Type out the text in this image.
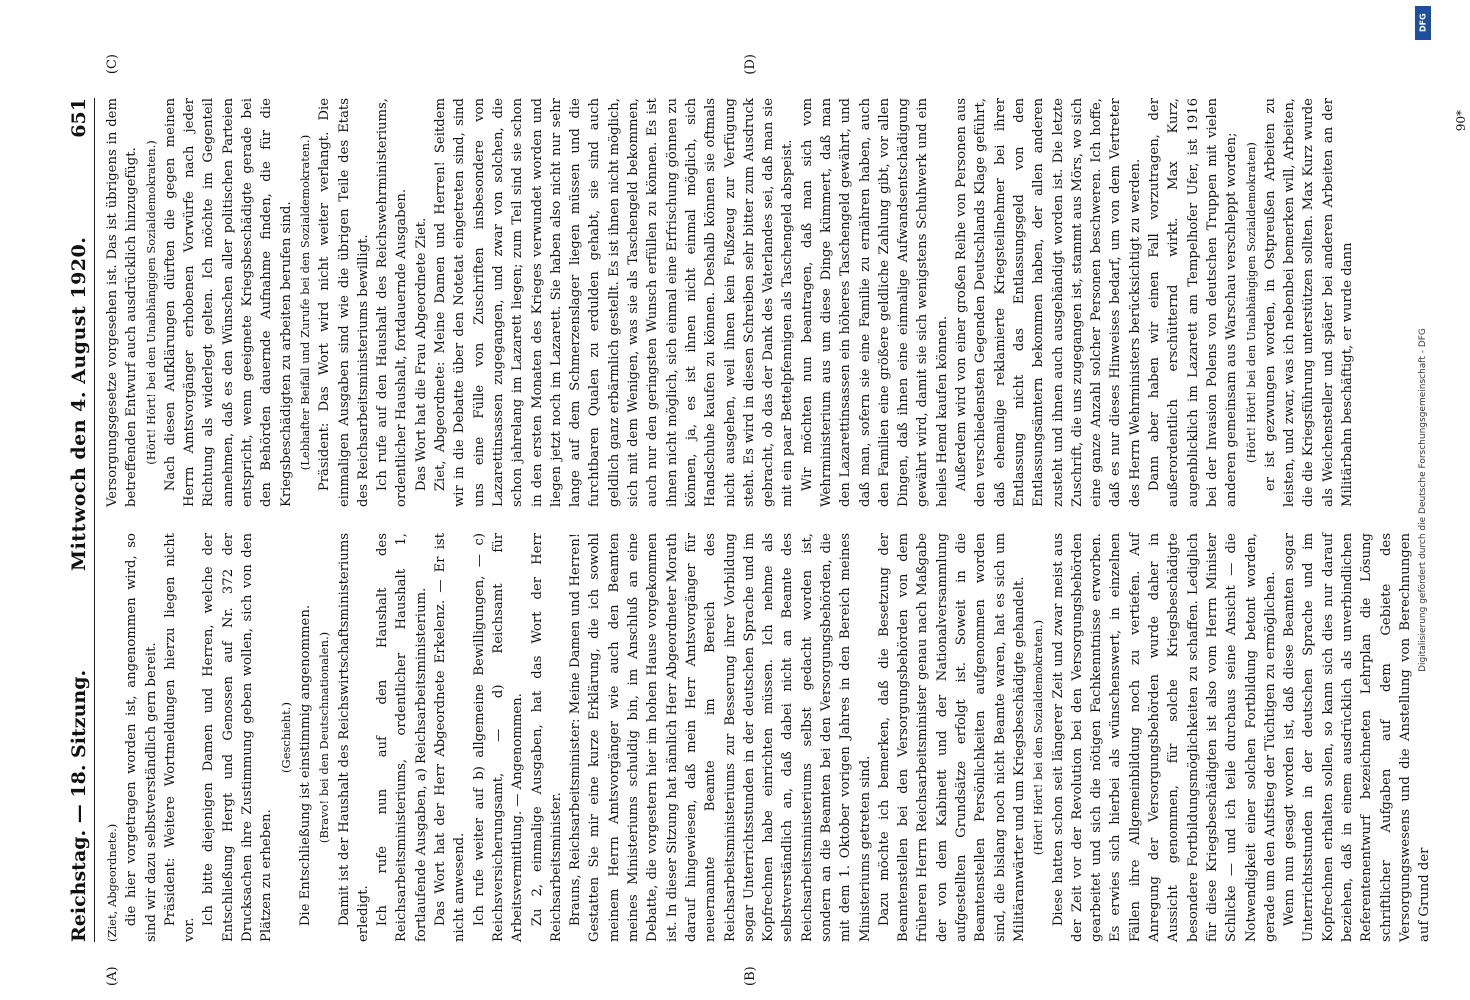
Reichstag. — 18. Sitzung.
Mittwoch den 4. August 1920.
651

(Ziet, Abgeordnete.) die hier vorgetragen worden ist, angenommen wird, so sind wir dazu selbstverständlich gern bereit. Präsident: Weitere Wortmeldungen hierzu liegen nicht vor.

Ich bitte diejenigen Damen und Herren, welche der Entschließung Hergt und Genossen auf Nr. 372 der Drucksachen ihre Zustimmung geben wollen, sich von den Plätzen zu erheben.

(Geschieht.) Die Entschließung ist einstimmig angenommen. (Bravo! bei den Deutschnationalen.) Damit ist der Haushalt des Reichswirtschaftsministeriums erledigt. Ich rufe nun auf den Haushalt des Reichsarbeitsministeriums, ordentlicher Haushalt 1, fortlaufende Ausgaben, a) Reichsarbeitsministerium. Das Wort hat der Herr Abgeordnete Erkelenz. — Er ist nicht anwesend. Ich rufe weiter auf b) allgemeine Bewilligungen, — c) Reichsversicherungsamt, — d) Reichsamt für Arbeitsvermittlung. — Angenommen. Zu 2, einmalige Ausgaben, hat das Wort der Herr Reichsarbeitsminister. Brauns, Reichsarbeitsminister: Meine Damen und Herren! Gestatten Sie mir eine kurze Erklärung, die ich sowohl meinem Herrn Amtsvorgänger wie auch den Beamten meines Ministeriums schuldig bin, im Anschluß an eine Debatte, die vorgestern hier im hohen Hause vorgekommen ist. In dieser Sitzung hat nämlich Herr Abgeordneter Morath darauf hingewiesen, daß mein Herr Amtsvorgänger für neuernannte Beamte im Bereich des Reichsarbeitsministeriums zur Besserung ihrer Vorbildung sogar Unterrichtsstunden in der deutschen Sprache und im Kopfrechnen habe einrichten müssen. Ich nehme als selbstverständlich an, daß dabei nicht an Beamte des Reichsarbeitsministeriums selbst gedacht worden ist, sondern an die Beamten bei den Versorgungsbehörden, die mit dem 1. Oktober vorigen Jahres in den Bereich meines Ministeriums getreten sind. Dazu möchte ich bemerken, daß die Besetzung der Beamtenstellen bei den Versorgungsbehörden von dem früheren Herrn Reichsarbeitsminister genau nach Maßgabe der von dem Kabinett und der Nationalversammlung aufgestellten Grundsätze erfolgt ist. Soweit in die Beamtenstellen Persönlichkeiten aufgenommen worden sind, die bislang noch nicht Beamte waren, hat es sich um Militäranwärter und um Kriegsbeschädigte gehandelt. (Hört! Hört! bei den Sozialdemokraten.) Diese hatten schon seit längerer Zeit und zwar meist aus der Zeit vor der Revolution bei den Versorgungsbehörden gearbeitet und sich die nötigen Fachkenntnisse erworben. Es erwies sich hierbei als wünschenswert, in einzelnen Fällen ihre Allgemeinbildung noch zu vertiefen. Auf Anregung der Versorgungsbehörden wurde daher in Aussicht genommen, für solche Kriegsbeschädigte besondere Fortbildungsmöglichkeiten zu schaffen. Lediglich für diese Kriegsbeschädigten ist also vom Herrn Minister Schlicke — und ich teile durchaus seine Ansicht — die Notwendigkeit einer solchen Fortbildung betont worden, gerade um den Aufstieg der Tüchtigen zu ermöglichen. Wenn nun gesagt worden ist, daß diese Beamten sogar Unterrichtsstunden in der deutschen Sprache und im Kopfrechnen erhalten sollen, so kann sich dies nur darauf beziehen, daß in einem ausdrücklich als unverbindlichen Referentenentwurf bezeichneten Lehrplan die Lösung schriftlicher Aufgaben auf dem Gebiete des Versorgungswesens und die Anstellung von Berechnungen auf Grund der

Versorgungsgesetze vorgesehen ist. Das ist übrigens in dem betreffenden Entwurf auch ausdrücklich hinzugefügt. (Hört! Hört! bei den Unabhängigen Sozialdemokraten.) Nach diesen Aufklärungen dürften die gegen meinen Herrn Amtsvorgänger erhobenen Vorwürfe nach jeder Richtung als widerlegt gelten. Ich möchte im Gegenteil annehmen, daß es den Wünschen aller politischen Parteien entspricht, wenn geeignete Kriegsbeschädigte gerade bei den Behörden dauernde Aufnahme finden, die für die Kriegsbeschädigten zu arbeiten berufen sind. (Lebhafter Beifall und Zurufe bei den Sozialdemokraten.) Präsident: Das Wort wird nicht weiter verlangt. Die einmaligen Ausgaben sind wie die übrigen Teile des Etats des Reichsarbeitsministeriums bewilligt. Ich rufe auf den Haushalt des Reichswehrministeriums, ordentlicher Haushalt, fortdauernde Ausgaben. Das Wort hat die Frau Abgeordnete Ziet. Ziet, Abgeordnete: Meine Damen und Herren! Seitdem wir in die Debatte über den Notetat eingetreten sind, sind uns eine Fülle von Zuschriften insbesondere von Lazarettinsassen zugegangen, und zwar von solchen, die schon jahrelang im Lazarett liegen; zum Teil sind sie schon in den ersten Monaten des Krieges verwundet worden und liegen jetzt noch im Lazarett. Sie haben also nicht nur sehr lange auf dem Schmerzenslager liegen müssen und die furchtbaren Qualen zu erdulden gehabt, sie sind auch geldlich ganz erbärmlich gestellt. Es ist ihnen nicht möglich, sich mit dem Wenigen, was sie als Taschengeld bekommen, auch nur den geringsten Wunsch erfüllen zu können. Es ist ihnen nicht möglich, sich einmal eine Erfrischung gönnen zu können, ja, es ist ihnen nicht einmal möglich, sich Handschuhe kaufen zu können. Deshalb können sie oftmals nicht ausgehen, weil ihnen kein Fußzeug zur Verfügung steht. Es wird in diesen Schreiben sehr bitter zum Ausdruck gebracht, ob das der Dank des Vaterlandes sei, daß man sie mit ein paar Bettelpfennigen als Taschengeld abspeist. Wir möchten nun beantragen, daß man sich vom Wehrministerium aus um diese Dinge kümmert, daß man den Lazarettinsassen ein höheres Taschengeld gewährt, und daß man, sofern sie eine Familie zu ernähren haben, auch den Familien eine größere geldliche Zahlung gibt, vor allen Dingen, daß ihnen eine einmalige Aufwandsentschädigung gewährt wird, damit sie sich wenigstens Schuhwerk und ein heiles Hemd kaufen können. Außerdem wird von einer großen Reihe von Personen aus den verschiedensten Gegenden Deutschlands Klage geführt, daß ehemalige reklamierte Kriegsteilnehmer bei ihrer Entlassung nicht das Entlassungsgeld von den Entlassungsämtern bekommen haben, der allen anderen zusteht und ihnen auch ausgehändigt worden ist. Die letzte Zuschrift, die uns zugegangen ist, stammt aus Mörs, wo sich eine ganze Anzahl solcher Personen beschweren. Ich hoffe, daß es nur dieses Hinweises bedarf, um von dem Vertreter des Herrn Wehrministers berücksichtigt zu werden. Dann aber haben wir einen Fall vorzutragen, der außerordentlich erschütternd wirkt. Max Kurz, augenblicklich im Lazarett am Tempelhofer Ufer, ist 1916 bei der Invasion Polens von deutschen Truppen mit vielen anderen gemeinsam aus Warschau verschleppt worden; (Hört! Hört! bei den Unabhängigen Sozialdemokraten) er ist gezwungen worden, in Ostpreußen Arbeiten zu leisten, und zwar, was ich nebenbei bemerken will, Arbeiten, die die Kriegsführung unterstützen sollten. Max Kurz wurde als Weichensteller und später bei anderen Arbeiten an der Militärbahn beschäftigt, er wurde dann

(A)	(B)
(C)	(D)
90*
DFG
Digitalisierung gefördert durch die Deutsche Forschungsgemeinschaft - DFG
